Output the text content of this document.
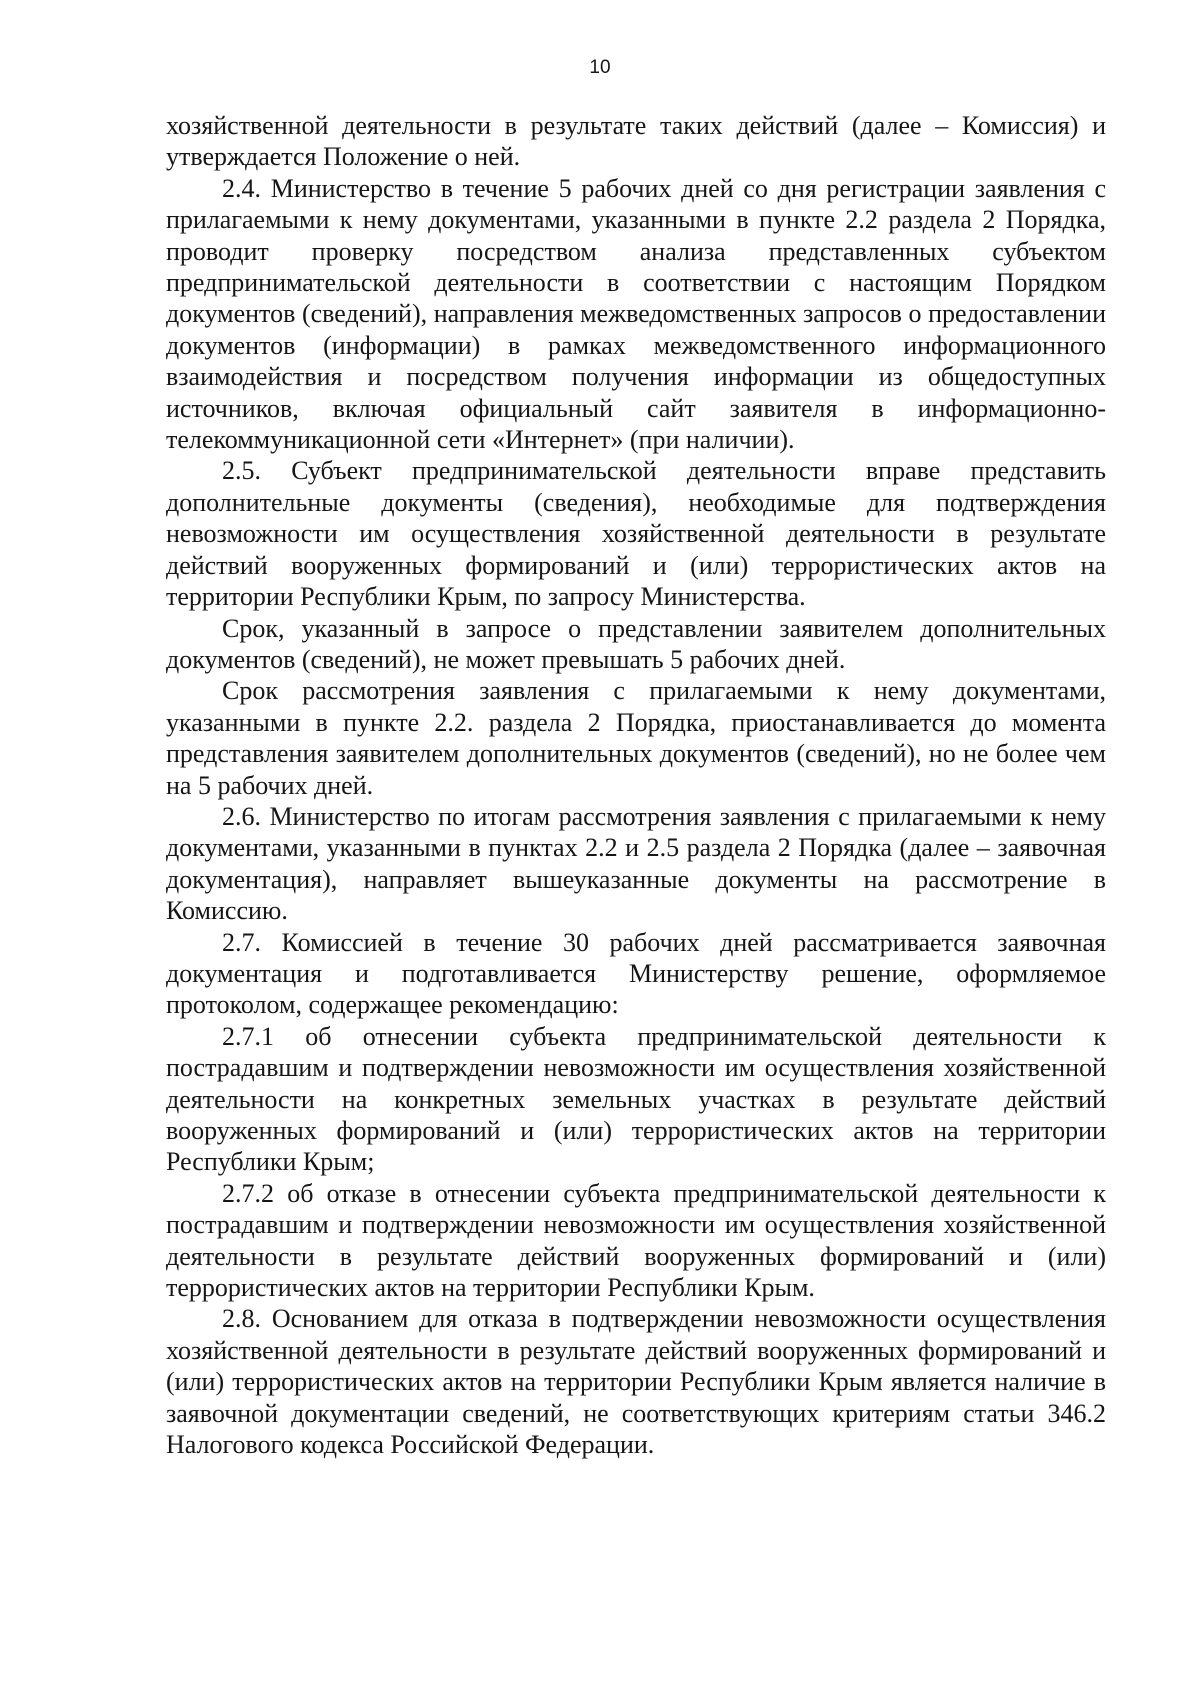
10

хозяйственной деятельности в результате таких действий (далее – Комиссия) и утверждается Положение о ней.

2.4. Министерство в течение 5 рабочих дней со дня регистрации заявления с прилагаемыми к нему документами, указанными в пункте 2.2 раздела 2 Порядка, проводит проверку посредством анализа представленных субъектом предпринимательской деятельности в соответствии с настоящим Порядком документов (сведений), направления межведомственных запросов о предоставлении документов (информации) в рамках межведомственного информационного взаимодействия и посредством получения информации из общедоступных источников, включая официальный сайт заявителя в информационно-телекоммуникационной сети «Интернет» (при наличии).

2.5. Субъект предпринимательской деятельности вправе представить дополнительные документы (сведения), необходимые для подтверждения невозможности им осуществления хозяйственной деятельности в результате действий вооруженных формирований и (или) террористических актов на территории Республики Крым, по запросу Министерства.

Срок, указанный в запросе о представлении заявителем дополнительных документов (сведений), не может превышать 5 рабочих дней.

Срок рассмотрения заявления с прилагаемыми к нему документами, указанными в пункте 2.2. раздела 2 Порядка, приостанавливается до момента представления заявителем дополнительных документов (сведений), но не более чем на 5 рабочих дней.

2.6. Министерство по итогам рассмотрения заявления с прилагаемыми к нему документами, указанными в пунктах 2.2 и 2.5 раздела 2 Порядка (далее – заявочная документация), направляет вышеуказанные документы на рассмотрение в Комиссию.

2.7. Комиссией в течение 30 рабочих дней рассматривается заявочная документация и подготавливается Министерству решение, оформляемое протоколом, содержащее рекомендацию:

2.7.1 об отнесении субъекта предпринимательской деятельности к пострадавшим и подтверждении невозможности им осуществления хозяйственной деятельности на конкретных земельных участках в результате действий вооруженных формирований и (или) террористических актов на территории Республики Крым;

2.7.2 об отказе в отнесении субъекта предпринимательской деятельности к пострадавшим и подтверждении невозможности им осуществления хозяйственной деятельности в результате действий вооруженных формирований и (или) террористических актов на территории Республики Крым.

2.8. Основанием для отказа в подтверждении невозможности осуществления хозяйственной деятельности в результате действий вооруженных формирований и (или) террористических актов на территории Республики Крым является наличие в заявочной документации сведений, не соответствующих критериям статьи 346.2 Налогового кодекса Российской Федерации.
